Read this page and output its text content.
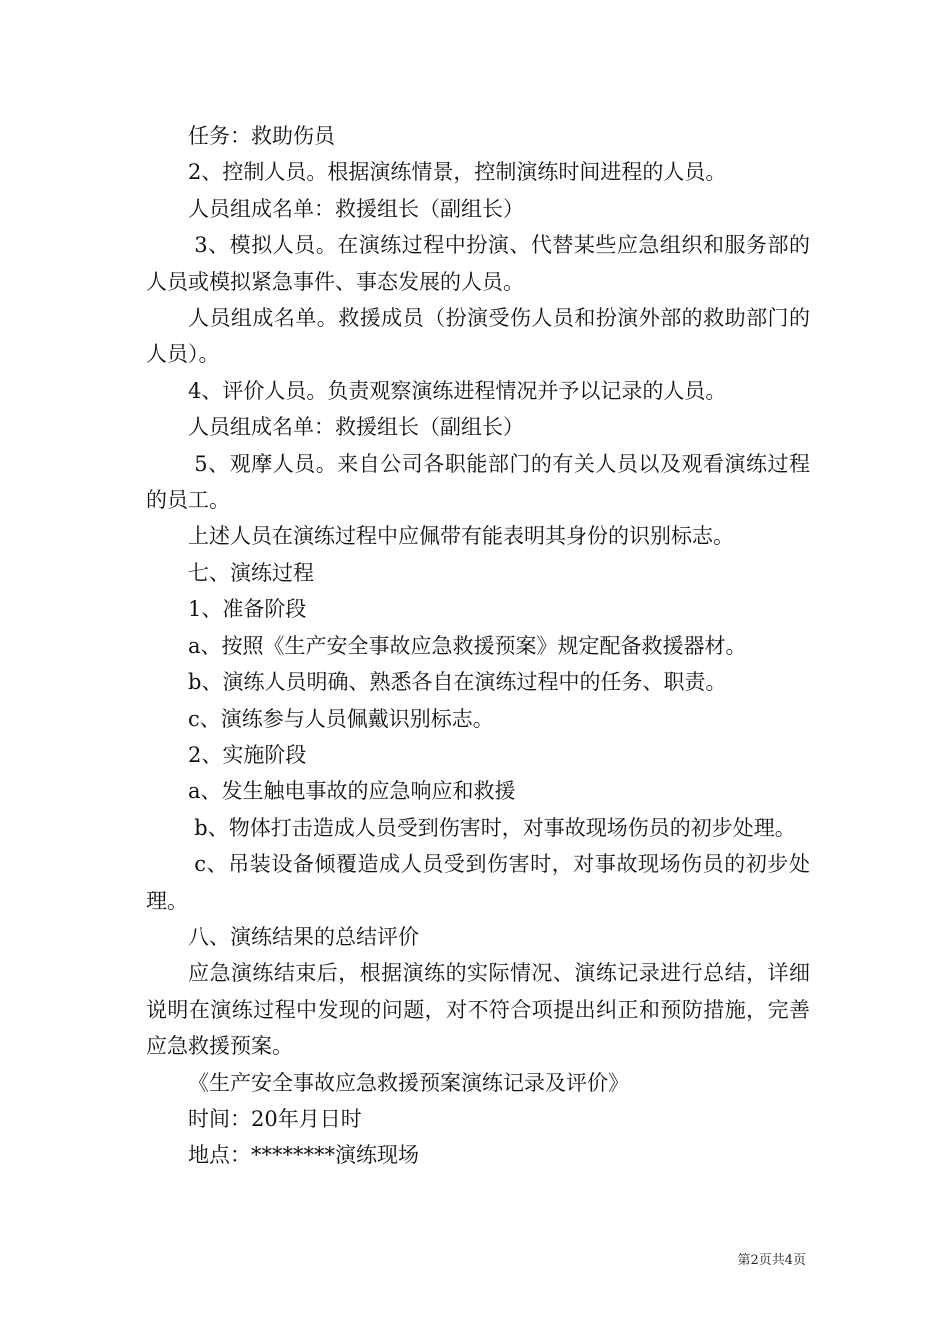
任务：救助伤员

2、控制人员。根据演练情景，控制演练时间进程的人员。

人员组成名单：救援组长（副组长）

3、模拟人员。在演练过程中扮演、代替某些应急组织和服务部的人员或模拟紧急事件、事态发展的人员。

人员组成名单。救援成员（扮演受伤人员和扮演外部的救助部门的人员）。

4、评价人员。负责观察演练进程情况并予以记录的人员。

人员组成名单：救援组长（副组长）

5、观摩人员。来自公司各职能部门的有关人员以及观看演练过程的员工。

上述人员在演练过程中应佩带有能表明其身份的识别标志。

七、演练过程

1、准备阶段

a、按照《生产安全事故应急救援预案》规定配备救援器材。

b、演练人员明确、熟悉各自在演练过程中的任务、职责。

c、演练参与人员佩戴识别标志。

2、实施阶段

a、发生触电事故的应急响应和救援

b、物体打击造成人员受到伤害时，对事故现场伤员的初步处理。

c、吊装设备倾覆造成人员受到伤害时，对事故现场伤员的初步处理。

八、演练结果的总结评价

应急演练结束后，根据演练的实际情况、演练记录进行总结，详细说明在演练过程中发现的问题，对不符合项提出纠正和预防措施，完善应急救援预案。

《生产安全事故应急救援预案演练记录及评价》

时间：20年月日时

地点：********演练现场

第2页共4页
